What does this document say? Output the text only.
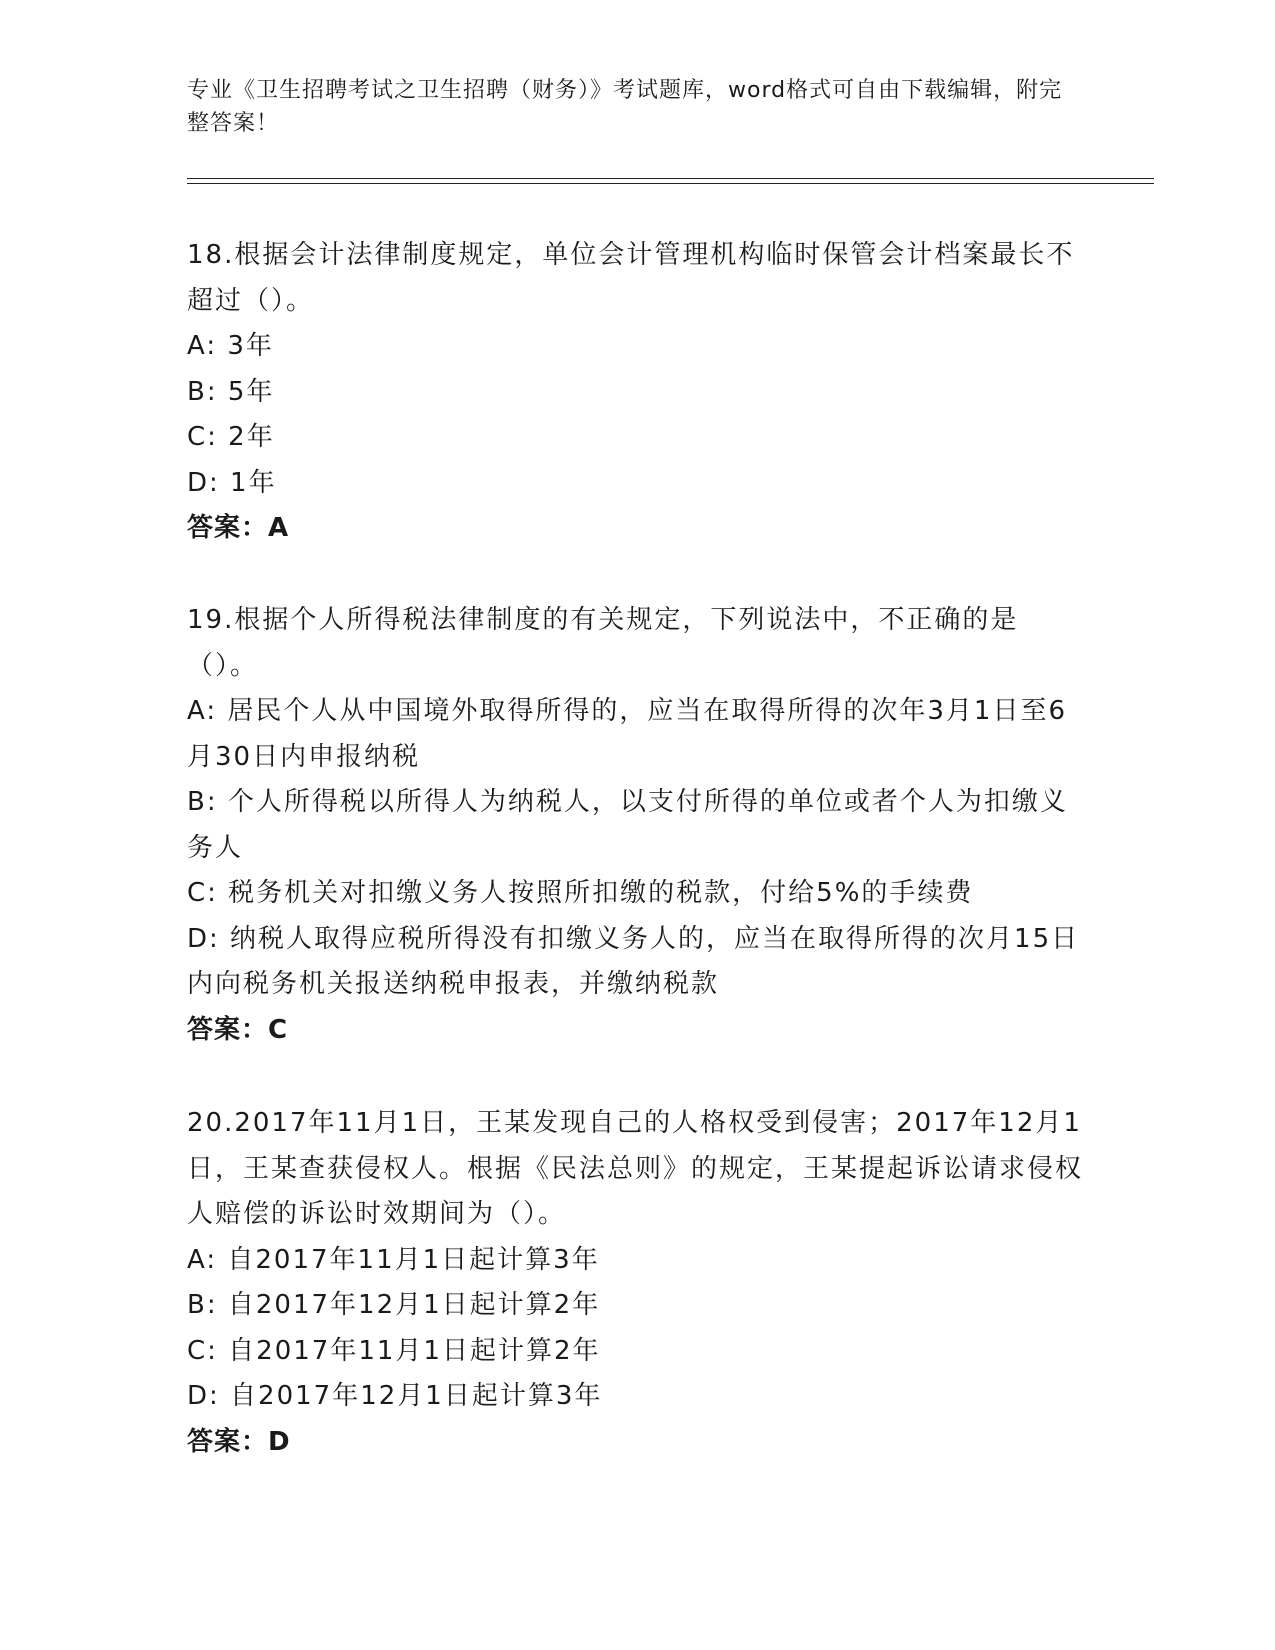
专业《卫生招聘考试之卫生招聘（财务）》考试题库，word格式可自由下载编辑，附完整答案！
18.根据会计法律制度规定，单位会计管理机构临时保管会计档案最长不超过（）。
A: 3年
B: 5年
C: 2年
D: 1年
答案：A
19.根据个人所得税法律制度的有关规定，下列说法中，不正确的是（）。
A: 居民个人从中国境外取得所得的，应当在取得所得的次年3月1日至6月30日内申报纳税
B: 个人所得税以所得人为纳税人，以支付所得的单位或者个人为扣缴义务人
C: 税务机关对扣缴义务人按照所扣缴的税款，付给5%的手续费
D: 纳税人取得应税所得没有扣缴义务人的，应当在取得所得的次月15日内向税务机关报送纳税申报表，并缴纳税款
答案：C
20.2017年11月1日，王某发现自己的人格权受到侵害；2017年12月1日，王某查获侵权人。根据《民法总则》的规定，王某提起诉讼请求侵权人赔偿的诉讼时效期间为（）。
A: 自2017年11月1日起计算3年
B: 自2017年12月1日起计算2年
C: 自2017年11月1日起计算2年
D: 自2017年12月1日起计算3年
答案：D
